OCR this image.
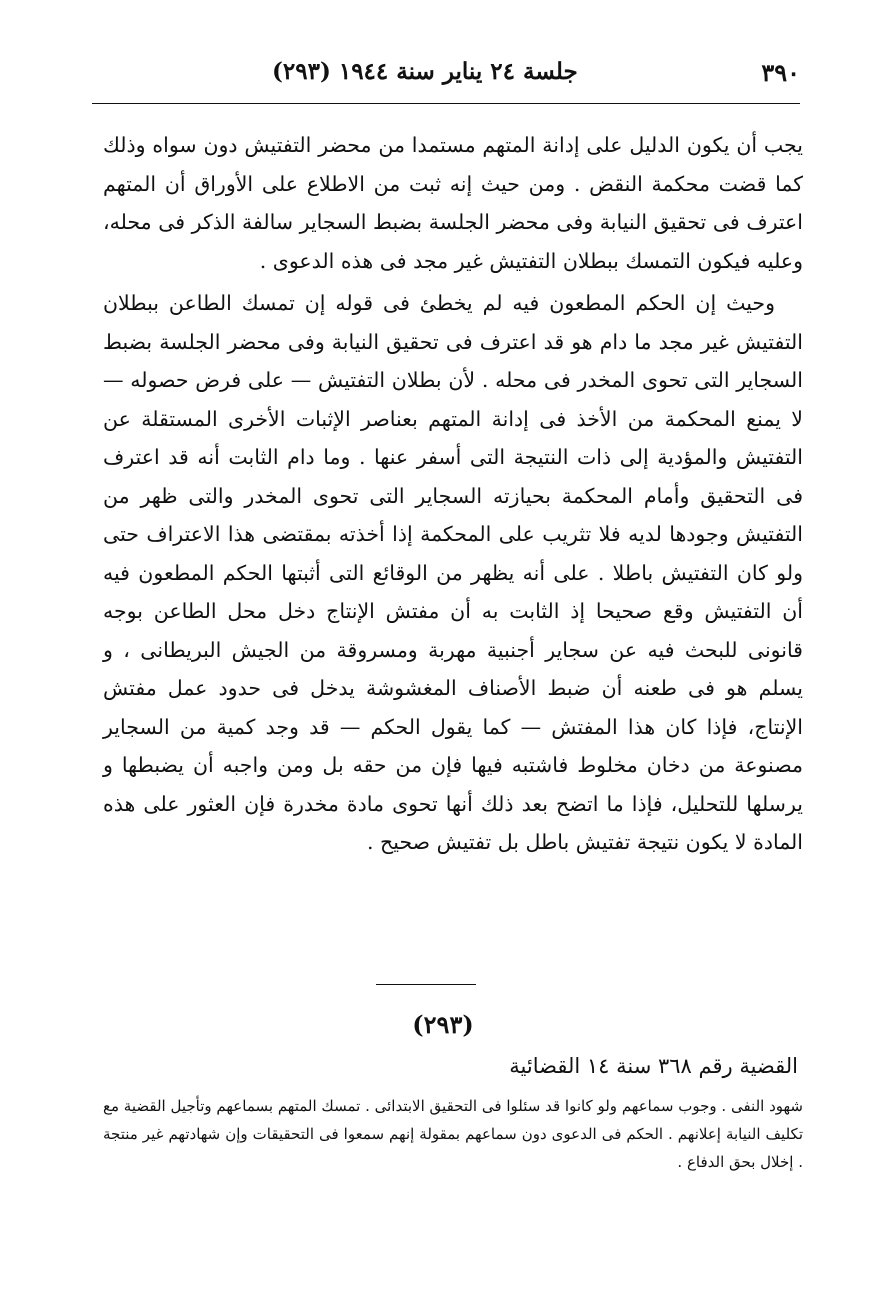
٣٩٠
جلسة ٢٤ يناير سنة ١٩٤٤ (٢٩٣)

يجب أن يكون الدليل على إدانة المتهم مستمدا من محضر التفتيش دون سواه وذلك كما قضت محكمة النقض . ومن حيث إنه ثبت من الاطلاع على الأوراق أن المتهم اعترف فى تحقيق النيابة وفى محضر الجلسة بضبط السجاير سالفة الذكر فى محله، وعليه فيكون التمسك ببطلان التفتيش غير مجد فى هذه الدعوى .

وحيث إن الحكم المطعون فيه لم يخطئ فى قوله إن تمسك الطاعن ببطلان التفتيش غير مجد ما دام هو قد اعترف فى تحقيق النيابة وفى محضر الجلسة بضبط السجاير التى تحوى المخدر فى محله . لأن بطلان التفتيش — على فرض حصوله — لا يمنع المحكمة من الأخذ فى إدانة المتهم بعناصر الإثبات الأخرى المستقلة عن التفتيش والمؤدية إلى ذات النتيجة التى أسفر عنها . وما دام الثابت أنه قد اعترف فى التحقيق وأمام المحكمة بحيازته السجاير التى تحوى المخدر والتى ظهر من التفتيش وجودها لديه فلا تثريب على المحكمة إذا أخذته بمقتضى هذا الاعتراف حتى ولو كان التفتيش باطلا . على أنه يظهر من الوقائع التى أثبتها الحكم المطعون فيه أن التفتيش وقع صحيحا إذ الثابت به أن مفتش الإنتاج دخل محل الطاعن بوجه قانونى للبحث فيه عن سجاير أجنبية مهربة ومسروقة من الجيش البريطانى ، و يسلم هو فى طعنه أن ضبط الأصناف المغشوشة يدخل فى حدود عمل مفتش الإنتاج، فإذا كان هذا المفتش — كما يقول الحكم — قد وجد كمية من السجاير مصنوعة من دخان مخلوط فاشتبه فيها فإن من حقه بل ومن واجبه أن يضبطها و يرسلها للتحليل، فإذا ما اتضح بعد ذلك أنها تحوى مادة مخدرة فإن العثور على هذه المادة لا يكون نتيجة تفتيش باطل بل تفتيش صحيح .

(٢٩٣)
القضية رقم ٣٦٨ سنة ١٤ القضائية
شهود النفى . وجوب سماعهم ولو كانوا قد سئلوا فى التحقيق الابتدائى . تمسك المتهم بسماعهم وتأجيل القضية مع تكليف النيابة إعلانهم . الحكم فى الدعوى دون سماعهم بمقولة إنهم سمعوا فى التحقيقات وإن شهادتهم غير منتجة . إخلال بحق الدفاع .
